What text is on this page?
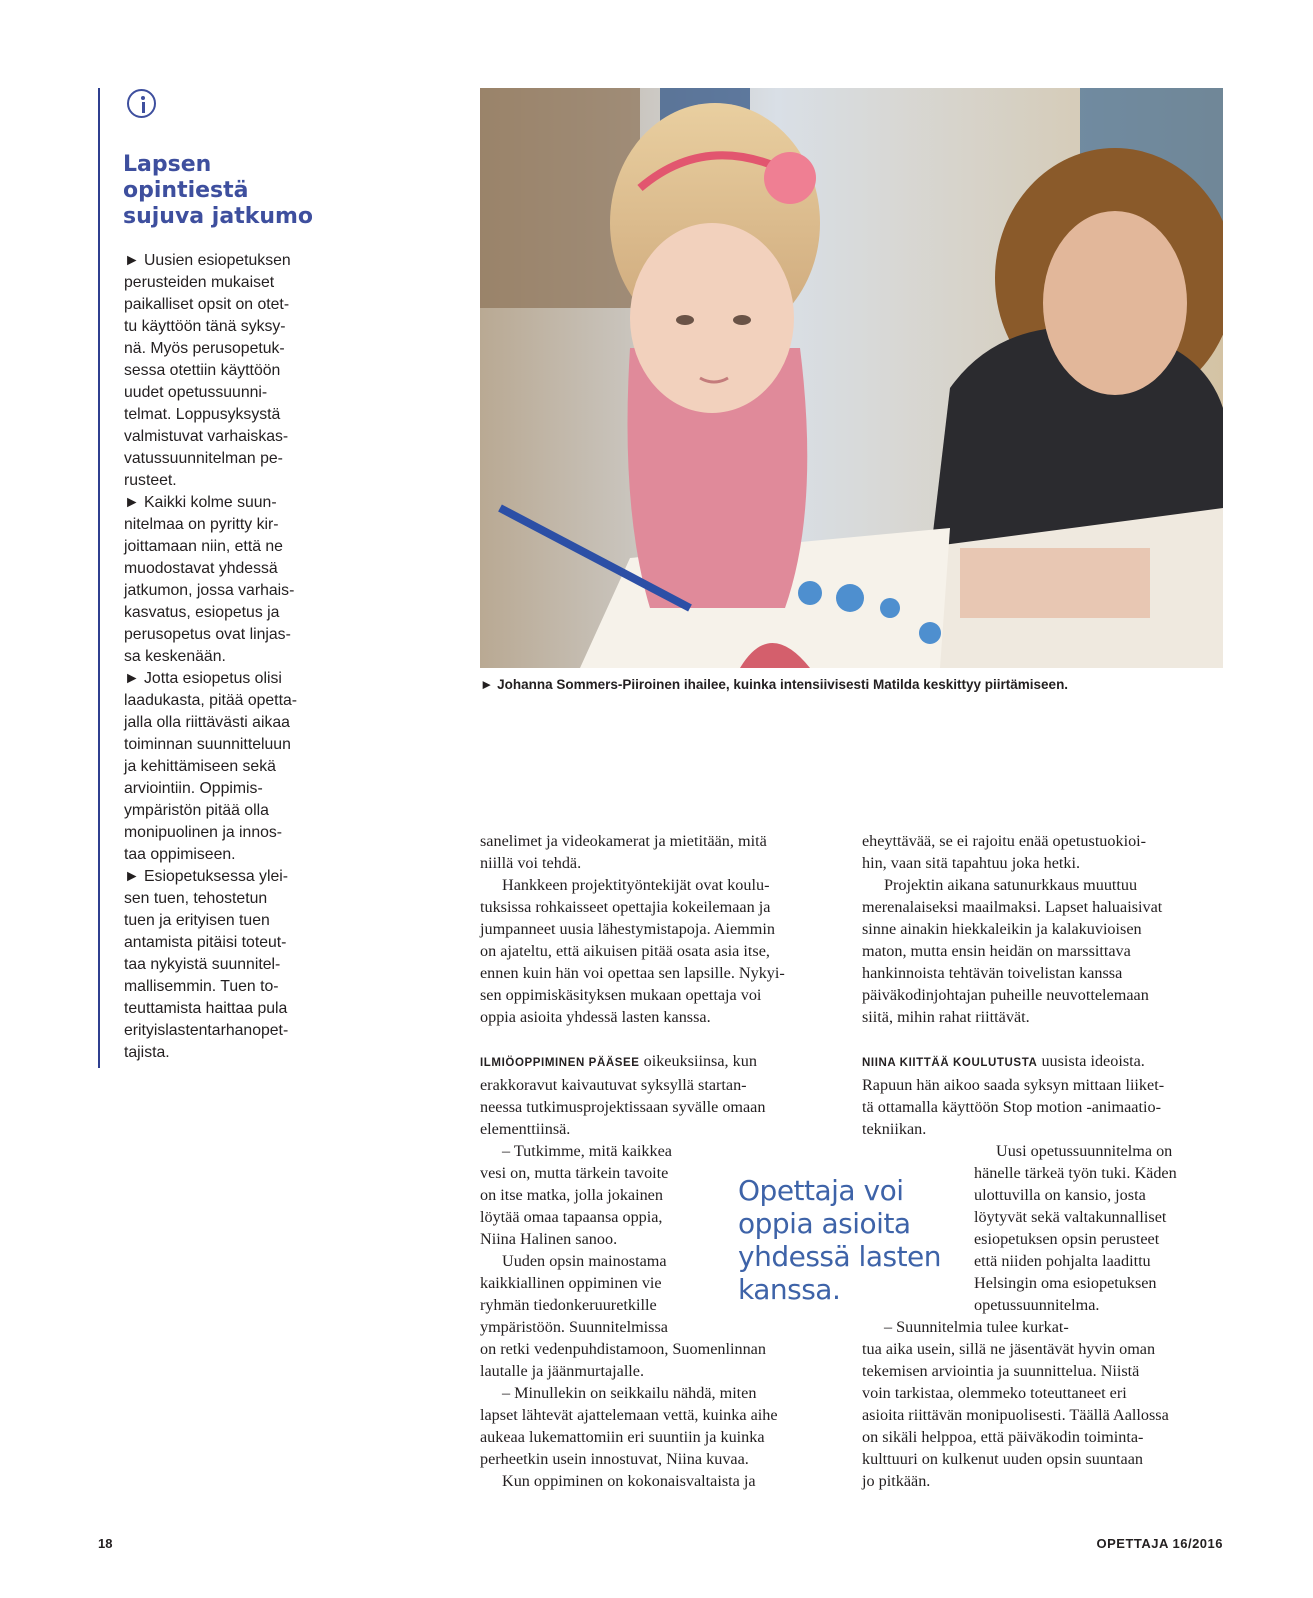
Lapsen
opintiestä
sujuva jatkumo

► Uusien esiopetuksen

perusteiden mukaiset

paikalliset opsit on otet-

tu käyttöön tänä syksy-

nä. Myös perusopetuk-

sessa otettiin käyttöön

uudet opetussuunni-

telmat. Loppusyksystä

valmistuvat varhaiskas-

vatussuunnitelman pe-

rusteet.

► Kaikki kolme suun-

nitelmaa on pyritty kir-

joittamaan niin, että ne

muodostavat yhdessä

jatkumon, jossa varhais-

kasvatus, esiopetus ja

perusopetus ovat linjas-

sa keskenään.

► Jotta esiopetus olisi

laadukasta, pitää opetta-

jalla olla riittävästi aikaa

toiminnan suunnitteluun

ja kehittämiseen sekä

arviointiin. Oppimis-

ympäristön pitää olla

monipuolinen ja innos-

taa oppimiseen.

► Esiopetuksessa ylei-

sen tuen, tehostetun

tuen ja erityisen tuen

antamista pitäisi toteut-

taa nykyistä suunnitel-

mallisemmin. Tuen to-

teuttamista haittaa pula

erityislastentarhanopet-

tajista.

► Johanna Sommers-Piiroinen ihailee, kuinka intensiivisesti Matilda keskittyy piirtämiseen.

sanelimet ja videokamerat ja mietitään, mitä

niillä voi tehdä.

Hankkeen projektityöntekijät ovat koulu-

tuksissa rohkaisseet opettajia kokeilemaan ja

jumpanneet uusia lähestymistapoja. Aiemmin

on ajateltu, että aikuisen pitää osata asia itse,

ennen kuin hän voi opettaa sen lapsille. Nykyi-

sen oppimiskäsityksen mukaan opettaja voi

oppia asioita yhdessä lasten kanssa.

ILMIÖOPPIMINEN PÄÄSEE oikeuksiinsa, kun

erakkoravut kaivautuvat syksyllä startan-

neessa tutkimusprojektissaan syvälle omaan

elementtiinsä.

– Tutkimme, mitä kaikkea

vesi on, mutta tärkein tavoite

on itse matka, jolla jokainen

löytää omaa tapaansa oppia,

Niina Halinen sanoo.

Uuden opsin mainostama

kaikkiallinen oppiminen vie

ryhmän tiedonkeruuretkille

ympäristöön. Suunnitelmissa

on retki vedenpuhdistamoon, Suomenlinnan

lautalle ja jäänmurtajalle.

– Minullekin on seikkailu nähdä, miten

lapset lähtevät ajattelemaan vettä, kuinka aihe

aukeaa lukemattomiin eri suuntiin ja kuinka

perheetkin usein innostuvat, Niina kuvaa.

Kun oppiminen on kokonaisvaltaista ja

eheyttävää, se ei rajoitu enää opetustuokioi-

hin, vaan sitä tapahtuu joka hetki.

Projektin aikana satunurkkaus muuttuu

merenalaiseksi maailmaksi. Lapset haluaisivat

sinne ainakin hiekkaleikin ja kalakuvioisen

maton, mutta ensin heidän on marssittava

hankinnoista tehtävän toivelistan kanssa

päiväkodinjohtajan puheille neuvottelemaan

siitä, mihin rahat riittävät.

NIINA KIITTÄÄ KOULUTUSTA uusista ideoista.

Rapuun hän aikoo saada syksyn mittaan liiket-

tä ottamalla käyttöön Stop motion -animaatio-

tekniikan.

Uusi opetussuunnitelma on

hänelle tärkeä työn tuki. Käden

ulottuvilla on kansio, josta

löytyvät sekä valtakunnalliset

esiopetuksen opsin perusteet

että niiden pohjalta laadittu

Helsingin oma esiopetuksen

opetussuunnitelma.

– Suunnitelmia tulee kurkat-

tua aika usein, sillä ne jäsentävät hyvin oman

tekemisen arviointia ja suunnittelua. Niistä

voin tarkistaa, olemmeko toteuttaneet eri

asioita riittävän monipuolisesti. Täällä Aallossa

on sikäli helppoa, että päiväkodin toiminta-

kulttuuri on kulkenut uuden opsin suuntaan

jo pitkään.

Opettaja voi
oppia asioita
yhdessä lasten
kanssa.
18	OPETTAJA 16/2016
